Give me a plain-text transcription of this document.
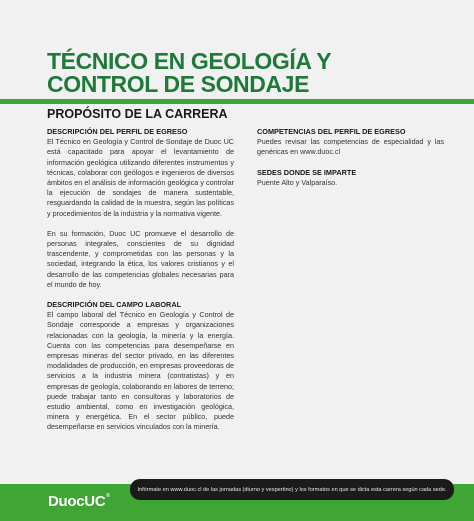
TÉCNICO EN GEOLOGÍA Y
CONTROL DE SONDAJE
PROPÓSITO DE LA CARRERA

DESCRIPCIÓN DEL PERFIL DE EGRESO

El Técnico en Geología y Control de Sondaje de Duoc UC está capacitado para apoyar el levantamiento de información geológica utilizando diferentes instrumentos y técnicas, colaborar con geólogos e ingenieros de diversos ámbitos en el análisis de información geológica y controlar la ejecución de sondajes de manera sustentable, resguardando la calidad de la muestra, según las políticas y procedimientos de la industria y la normativa vigente.

En su formación, Duoc UC promueve el desarrollo de personas integrales, conscientes de su dignidad trascendente, y comprometidas con las personas y la sociedad, integrando la ética, los valores cristianos y el desarrollo de las competencias globales necesarias para el mundo de hoy.

DESCRIPCIÓN DEL CAMPO LABORAL

El campo laboral del Técnico en Geología y Control de Sondaje corresponde a empresas y organizaciones relacionadas con la geología, la minería y la energía. Cuenta con las competencias para desempeñarse en empresas mineras del sector privado, en las diferentes modalidades de producción, en empresas proveedoras de servicios a la industria minera (contratistas) y en empresas de geología, colaborando en labores de terreno; puede trabajar tanto en consultoras y laboratorios de estudio ambiental, como en investigación geológica, minera y energética. En el sector público, puede desempeñarse en servicios vinculados con la minería.

COMPETENCIAS DEL PERFIL DE EGRESO

Puedes revisar las competencias de especialidad y las genéricas en www.duoc.cl

SEDES DONDE SE IMPARTE

Puente Alto y Valparaíso.

DuocUC®
Infórmate en www.duoc.cl de las jornadas (diurno y vespertino) y los formatos en que se dicta esta carrera según cada sede.
